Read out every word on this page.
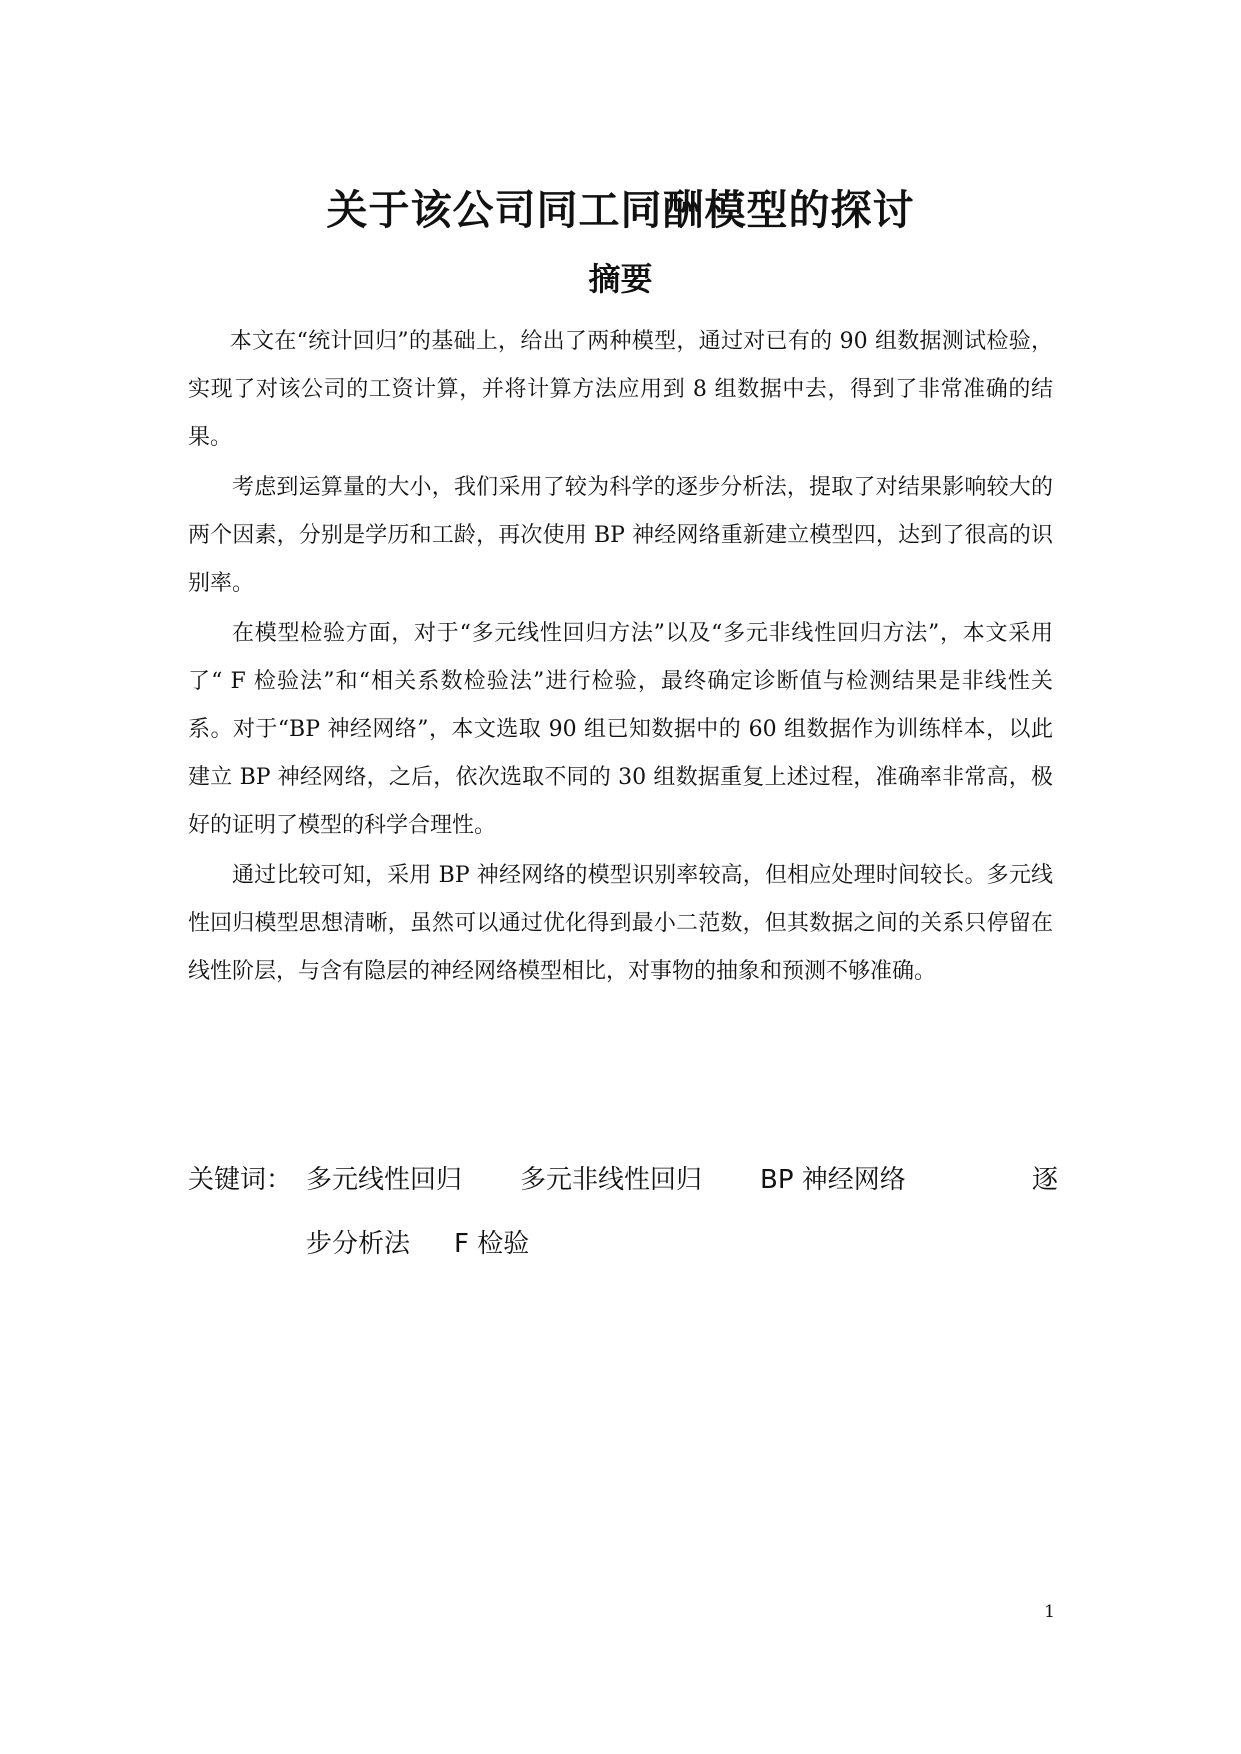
关于该公司同工同酬模型的探讨
摘要

本文在“统计回归”的基础上，给出了两种模型，通过对已有的 90 组数据测试检验，实现了对该公司的工资计算，并将计算方法应用到 8 组数据中去，得到了非常准确的结果。

考虑到运算量的大小，我们采用了较为科学的逐步分析法，提取了对结果影响较大的两个因素，分别是学历和工龄，再次使用 BP 神经网络重新建立模型四，达到了很高的识别率。

在模型检验方面，对于“多元线性回归方法”以及“多元非线性回归方法”，本文采用了“ F 检验法”和“相关系数检验法”进行检验，最终确定诊断值与检测结果是非线性关系。对于“BP 神经网络”，本文选取 90 组已知数据中的 60 组数据作为训练样本，以此建立 BP 神经网络，之后，依次选取不同的 30 组数据重复上述过程，准确率非常高，极好的证明了模型的科学合理性。

通过比较可知，采用 BP 神经网络的模型识别率较高，但相应处理时间较长。多元线性回归模型思想清晰，虽然可以通过优化得到最小二范数，但其数据之间的关系只停留在线性阶层，与含有隐层的神经网络模型相比，对事物的抽象和预测不够准确。

关键词： 多元线性回归 多元非线性回归 BP 神经网络	逐
步分析法 F 检验
1
